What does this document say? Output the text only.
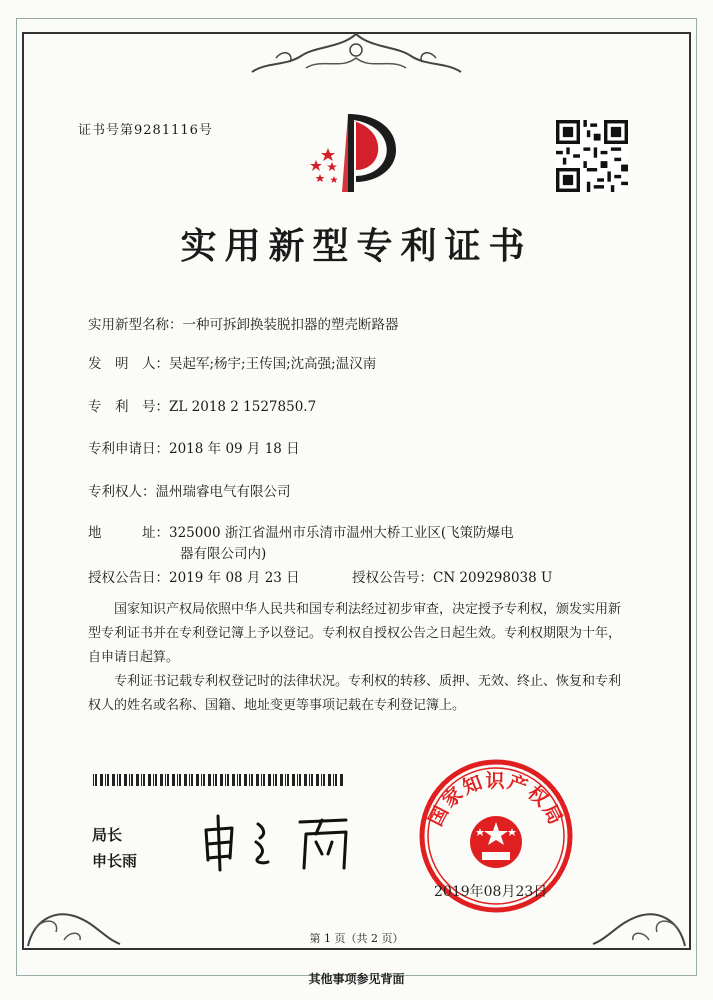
证书号第9281116号
实用新型专利证书
实用新型名称：一种可拆卸换装脱扣器的塑壳断路器
发　明　人：吴起军;杨宇;王传国;沈高强;温汉南
专　利　号：ZL 2018 2 1527850.7
专利申请日：2018 年 09 月 18 日
专利权人：温州瑞睿电气有限公司
地　　　址：325000 浙江省温州市乐清市温州大桥工业区(飞策防爆电
器有限公司内)
授权公告日：2019 年 08 月 23 日	授权公告号：CN 209298038 U

国家知识产权局依照中华人民共和国专利法经过初步审查，决定授予专利权，颁发实用新型专利证书并在专利登记簿上予以登记。专利权自授权公告之日起生效。专利权期限为十年，自申请日起算。

专利证书记载专利权登记时的法律状况。专利权的转移、质押、无效、终止、恢复和专利权人的姓名或名称、国籍、地址变更等事项记载在专利登记簿上。

局长
申长雨
国家知识产权局
2019年08月23日
第 1 页（共 2 页）
其他事项参见背面
